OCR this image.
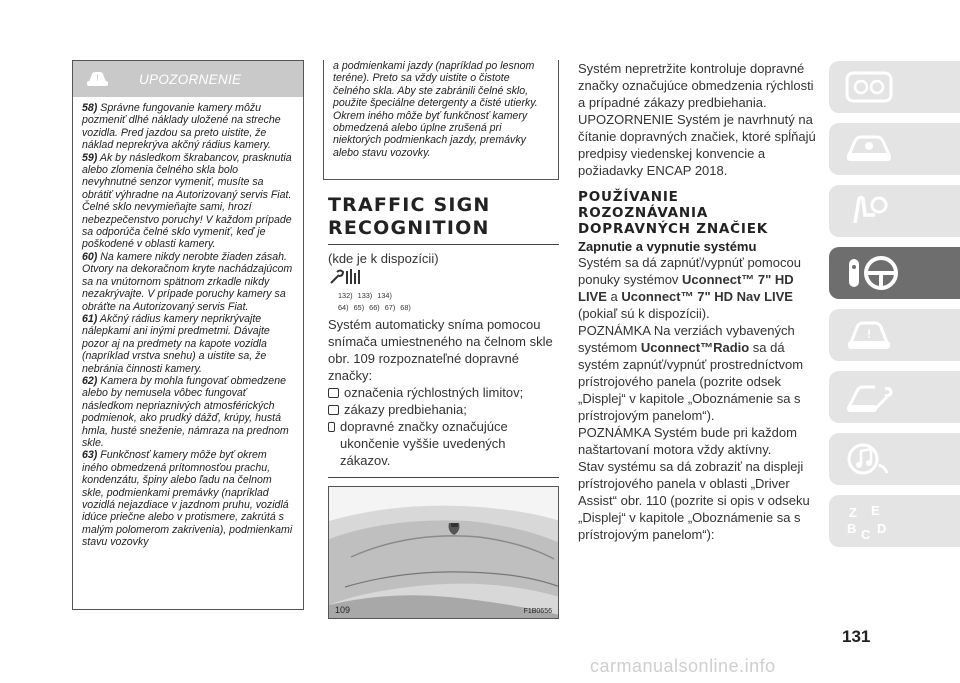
!	UPOZORNENIE

58) Správne fungovanie kamery môžu pozmeniť dlhé náklady uložené na streche vozidla. Pred jazdou sa preto uistite, že náklad neprekrýva akčný rádius kamery.

59) Ak by následkom škrabancov, prasknutia alebo zlomenia čelného skla bolo nevyhnutné senzor vymeniť, musíte sa obrátiť výhradne na Autorizovaný servis Fiat. Čelné sklo nevymieňajte sami, hrozí nebezpečenstvo poruchy! V každom prípade sa odporúča čelné sklo vymeniť, keď je poškodené v oblasti kamery.

60) Na kamere nikdy nerobte žiaden zásah. Otvory na dekoračnom kryte nachádzajúcom sa na vnútornom spätnom zrkadle nikdy nezakrývajte. V prípade poruchy kamery sa obráťte na Autorizovaný servis Fiat.

61) Akčný rádius kamery neprikrývajte nálepkami ani inými predmetmi. Dávajte pozor aj na predmety na kapote vozidla (napríklad vrstva snehu) a uistite sa, že nebránia činnosti kamery.

62) Kamera by mohla fungovať obmedzene alebo by nemusela vôbec fungovať následkom nepriaznivých atmosférických podmienok, ako prudký dážď, krúpy, hustá hmla, husté sneženie, námraza na prednom skle.

63) Funkčnosť kamery môže byť okrem iného obmedzená prítomnosťou prachu, kondenzátu, špiny alebo ľadu na čelnom skle, podmienkami premávky (napríklad vozidlá nejazdiace v jazdnom pruhu, vozidlá idúce priečne alebo v protismere, zakrútá s malým polomerom zakrivenia), podmienkami stavu vozovky

a podmienkami jazdy (napríklad po lesnom teréne). Preto sa vždy uistite o čistote čelného skla. Aby ste zabránili čelné sklo, použite špeciálne detergenty a čisté utierky. Okrem iného môže byť funkčnosť kamery obmedzená alebo úplne zrušená pri niektorých podmienkach jazdy, premávky alebo stavu vozovky.
TRAFFIC SIGN
RECOGNITION
(kde je k dispozícii)
132) 133) 134)
64) 65) 66) 67) 68)

Systém automaticky sníma pomocou snímača umiestneného na čelnom skle obr. 109 rozpoznateľné dopravné značky:

označenia rýchlostných limitov;
zákazy predbiehania;
dopravné značky označujúce ukončenie vyššie uvedených zákazov.
109	F1B0656

Systém nepretržite kontroluje dopravné značky označujúce obmedzenia rýchlosti a prípadné zákazy predbiehania.

UPOZORNENIE Systém je navrhnutý na čítanie dopravných značiek, ktoré spĺňajú predpisy viedenskej konvencie a požiadavky ENCAP 2018.

POUŽÍVANIE
ROZOZNÁVANIA
DOPRAVNÝCH ZNAČIEK
Zapnutie a vypnutie systému

Systém sa dá zapnúť/vypnúť pomocou ponuky systémov Uconnect™ 7" HD LIVE a Uconnect™ 7" HD Nav LIVE (pokiaľ sú k dispozícii).

POZNÁMKA Na verziách vybavených systémom Uconnect™Radio sa dá systém zapnúť/vypnúť prostredníctvom prístrojového panela (pozrite odsek „Displej“ v kapitole „Oboznámenie sa s prístrojovým panelom“).

POZNÁMKA Systém bude pri každom naštartovaní motora vždy aktívny.

Stav systému sa dá zobraziť na displeji prístrojového panela v oblasti „Driver Assist“ obr. 110 (pozrite si opis v odseku „Displej“ v kapitole „Oboznámenie sa s prístrojovým panelom“):

!
Z E
B C D
131
carmanualsonline.info
